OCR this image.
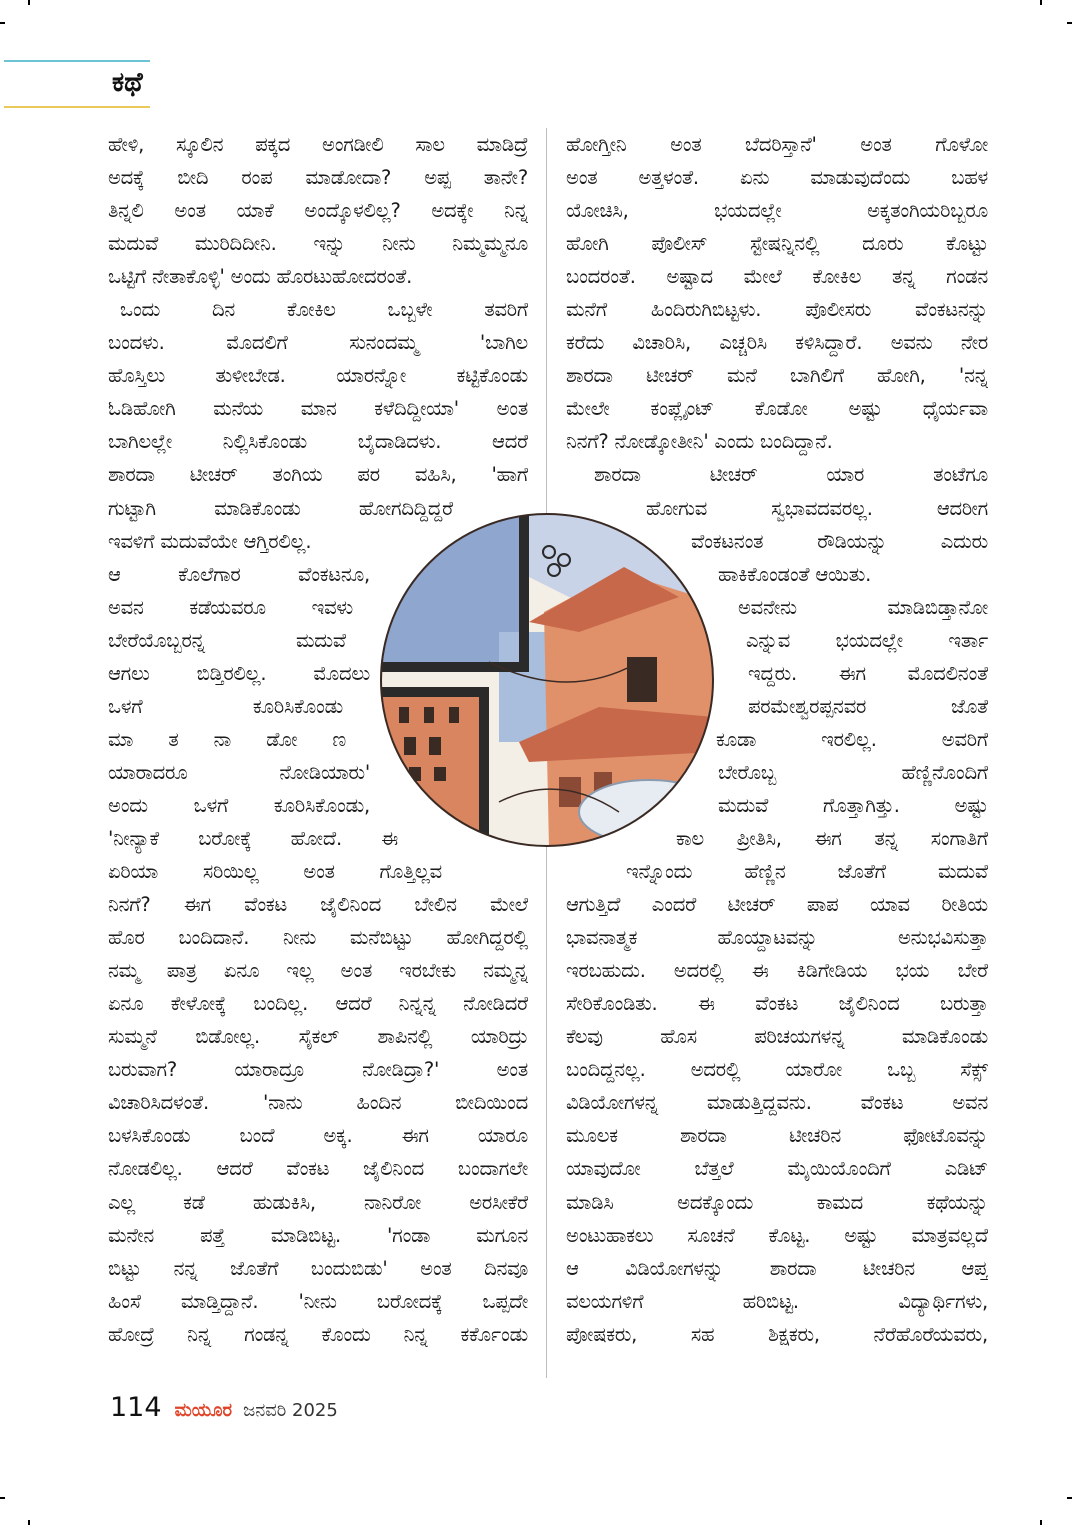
ಕಥೆ
ಹೇಳಿ, ಸ್ಕೂಲಿನ ಪಕ್ಕದ ಅಂಗಡೀಲಿ ಸಾಲ ಮಾಡಿದ್ರೆ
ಅದಕ್ಕೆ ಬೀದಿ ರಂಪ ಮಾಡೋದಾ? ಅಪ್ಪ ತಾನೇ?
ತಿನ್ನಲಿ ಅಂತ ಯಾಕೆ ಅಂದ್ಕೊಳಲಿಲ್ಲ? ಅದಕ್ಕೇ ನಿನ್ನ
ಮದುವೆ ಮುರಿದಿದೀನಿ. ಇನ್ನು ನೀನು ನಿಮ್ಮಮ್ಮನೂ
ಒಟ್ಟಿಗೆ ನೇತಾಕೊಳ್ಳಿ' ಅಂದು ಹೊರಟುಹೋದರಂತೆ.
ಒಂದು ದಿನ ಕೋಕಿಲ ಒಬ್ಬಳೇ ತವರಿಗೆ
ಬಂದಳು. ಮೊದಲಿಗೆ ಸುನಂದಮ್ಮ 'ಬಾಗಿಲ
ಹೊಸ್ತಿಲು ತುಳೀಬೇಡ. ಯಾರನ್ನೋ ಕಟ್ಟಿಕೊಂಡು
ಓಡಿಹೋಗಿ ಮನೆಯ ಮಾನ ಕಳೆದಿದ್ದೀಯಾ' ಅಂತ
ಬಾಗಿಲಲ್ಲೇ ನಿಲ್ಲಿಸಿಕೊಂಡು ಬೈದಾಡಿದಳು. ಆದರೆ
ಶಾರದಾ ಟೀಚರ್ ತಂಗಿಯ ಪರ ವಹಿಸಿ, 'ಹಾಗೆ
ಗುಟ್ಟಾಗಿ ಮಾಡಿಕೊಂಡು ಹೋಗದಿದ್ದಿದ್ದರೆ
ಇವಳಿಗೆ ಮದುವೆಯೇ ಆಗ್ತಿರಲಿಲ್ಲ.
ಆ ಕೊಲೆಗಾರ ವೆಂಕಟನೂ,
ಅವನ ಕಡೆಯವರೂ ಇವಳು
ಬೇರೆಯೊಬ್ಬರನ್ನ ಮದುವೆ
ಆಗಲು ಬಿಡ್ತಿರಲಿಲ್ಲ. ಮೊದಲು
ಒಳಗೆ ಕೂರಿಸಿಕೊಂಡು
ಮಾ ತ ನಾ ಡೋ ಣ
ಯಾರಾದರೂ ನೋಡಿಯಾರು'
ಅಂದು ಒಳಗೆ ಕೂರಿಸಿಕೊಂಡು,
'ನೀನ್ಯಾಕೆ ಬರೋಕ್ಕೆ ಹೋದೆ. ಈ
ಏರಿಯಾ ಸರಿಯಿಲ್ಲ ಅಂತ ಗೊತ್ತಿಲ್ಲವ
ನಿನಗೆ? ಈಗ ವೆಂಕಟ ಜೈಲಿನಿಂದ ಬೇಲಿನ ಮೇಲೆ
ಹೊರ ಬಂದಿದಾನೆ. ನೀನು ಮನೆಬಿಟ್ಟು ಹೋಗಿದ್ದರಲ್ಲಿ
ನಮ್ಮ ಪಾತ್ರ ಏನೂ ಇಲ್ಲ ಅಂತ ಇರಬೇಕು ನಮ್ಮನ್ನ
ಏನೂ ಕೇಳೋಕ್ಕೆ ಬಂದಿಲ್ಲ. ಆದರೆ ನಿನ್ನನ್ನ ನೋಡಿದರೆ
ಸುಮ್ಮನೆ ಬಿಡೋಲ್ಲ. ಸೈಕಲ್ ಶಾಪಿನಲ್ಲಿ ಯಾರಿದ್ರು
ಬರುವಾಗ? ಯಾರಾದ್ರೂ ನೋಡಿದ್ರಾ?' ಅಂತ
ವಿಚಾರಿಸಿದಳಂತೆ. 'ನಾನು ಹಿಂದಿನ ಬೀದಿಯಿಂದ
ಬಳಸಿಕೊಂಡು ಬಂದೆ ಅಕ್ಕ. ಈಗ ಯಾರೂ
ನೋಡಲಿಲ್ಲ. ಆದರೆ ವೆಂಕಟ ಜೈಲಿನಿಂದ ಬಂದಾಗಲೇ
ಎಲ್ಲ ಕಡೆ ಹುಡುಕಿಸಿ, ನಾನಿರೋ ಅರಸೀಕೆರೆ
ಮನೇನ ಪತ್ತೆ ಮಾಡಿಬಿಟ್ಟ. 'ಗಂಡಾ ಮಗೂನ
ಬಿಟ್ಟು ನನ್ನ ಜೊತೆಗೆ ಬಂದುಬಿಡು' ಅಂತ ದಿನವೂ
ಹಿಂಸೆ ಮಾಡ್ತಿದ್ದಾನೆ. 'ನೀನು ಬರೋದಕ್ಕೆ ಒಪ್ಪದೇ
ಹೋದ್ರೆ ನಿನ್ನ ಗಂಡನ್ನ ಕೊಂದು ನಿನ್ನ ಕರ್ಕೊಂಡು
ಹೋಗ್ತೀನಿ ಅಂತ ಬೆದರಿಸ್ತಾನೆ' ಅಂತ ಗೊಳೋ
ಅಂತ ಅತ್ತಳಂತೆ. ಏನು ಮಾಡುವುದೆಂದು ಬಹಳ
ಯೋಚಿಸಿ, ಭಯದಲ್ಲೇ ಅಕ್ಕತಂಗಿಯರಿಬ್ಬರೂ
ಹೋಗಿ ಪೊಲೀಸ್ ಸ್ಟೇಷನ್ನಿನಲ್ಲಿ ದೂರು ಕೊಟ್ಟು
ಬಂದರಂತೆ. ಅಷ್ಟಾದ ಮೇಲೆ ಕೋಕಿಲ ತನ್ನ ಗಂಡನ
ಮನೆಗೆ ಹಿಂದಿರುಗಿಬಿಟ್ಟಳು. ಪೊಲೀಸರು ವೆಂಕಟನನ್ನು
ಕರೆದು ವಿಚಾರಿಸಿ, ಎಚ್ಚರಿಸಿ ಕಳಿಸಿದ್ದಾರೆ. ಅವನು ನೇರ
ಶಾರದಾ ಟೀಚರ್ ಮನೆ ಬಾಗಿಲಿಗೆ ಹೋಗಿ, 'ನನ್ನ
ಮೇಲೇ ಕಂಪ್ಲೈಂಟ್ ಕೊಡೋ ಅಷ್ಟು ಧೈರ್ಯವಾ
ನಿನಗೆ? ನೋಡ್ಕೋತೀನಿ' ಎಂದು ಬಂದಿದ್ದಾನೆ.
ಶಾರದಾ ಟೀಚರ್ ಯಾರ ತಂಟೆಗೂ
ಹೋಗುವ ಸ್ವಭಾವದವರಲ್ಲ. ಆದರೀಗ
ವೆಂಕಟನಂತ ರೌಡಿಯನ್ನು ಎದುರು
ಹಾಕಿಕೊಂಡಂತೆ ಆಯಿತು.
ಅವನೇನು ಮಾಡಿಬಿಡ್ತಾನೋ
ಎನ್ನುವ ಭಯದಲ್ಲೇ ಇರ್ತಾ
ಇದ್ದರು. ಈಗ ಮೊದಲಿನಂತೆ
ಪರಮೇಶ್ವರಪ್ಪನವರ ಜೊತೆ
ಕೂಡಾ ಇರಲಿಲ್ಲ. ಅವರಿಗೆ
ಬೇರೊಬ್ಬ ಹೆಣ್ಣಿನೊಂದಿಗೆ
ಮದುವೆ ಗೊತ್ತಾಗಿತ್ತು. ಅಷ್ಟು
ಕಾಲ ಪ್ರೀತಿಸಿ, ಈಗ ತನ್ನ ಸಂಗಾತಿಗೆ
ಇನ್ನೊಂದು ಹೆಣ್ಣಿನ ಜೊತೆಗೆ ಮದುವೆ
ಆಗುತ್ತಿದೆ ಎಂದರೆ ಟೀಚರ್ ಪಾಪ ಯಾವ ರೀತಿಯ
ಭಾವನಾತ್ಮಕ ಹೊಯ್ದಾಟವನ್ನು ಅನುಭವಿಸುತ್ತಾ
ಇರಬಹುದು. ಅದರಲ್ಲಿ ಈ ಕಿಡಿಗೇಡಿಯ ಭಯ ಬೇರೆ
ಸೇರಿಕೊಂಡಿತು. ಈ ವೆಂಕಟ ಜೈಲಿನಿಂದ ಬರುತ್ತಾ
ಕೆಲವು ಹೊಸ ಪರಿಚಯಗಳನ್ನ ಮಾಡಿಕೊಂಡು
ಬಂದಿದ್ದನಲ್ಲ. ಅದರಲ್ಲಿ ಯಾರೋ ಒಬ್ಬ ಸೆಕ್ಸ್
ವಿಡಿಯೋಗಳನ್ನ ಮಾಡುತ್ತಿದ್ದವನು. ವೆಂಕಟ ಅವನ
ಮೂಲಕ ಶಾರದಾ ಟೀಚರಿನ ಫೋಟೊವನ್ನು
ಯಾವುದೋ ಬೆತ್ತಲೆ ಮೈಯಿಯೊಂದಿಗೆ ಎಡಿಟ್
ಮಾಡಿಸಿ ಅದಕ್ಕೊಂದು ಕಾಮದ ಕಥೆಯನ್ನು
ಅಂಟುಹಾಕಲು ಸೂಚನೆ ಕೊಟ್ಟ. ಅಷ್ಟು ಮಾತ್ರವಲ್ಲದೆ
ಆ ವಿಡಿಯೋಗಳನ್ನು ಶಾರದಾ ಟೀಚರಿನ ಆಪ್ತ
ವಲಯಗಳಿಗೆ ಹರಿಬಿಟ್ಟ. ವಿದ್ಯಾರ್ಥಿಗಳು,
ಪೋಷಕರು, ಸಹ ಶಿಕ್ಷಕರು, ನೆರೆಹೊರೆಯವರು,
114 ಮಯೂರ ಜನವರಿ 2025
